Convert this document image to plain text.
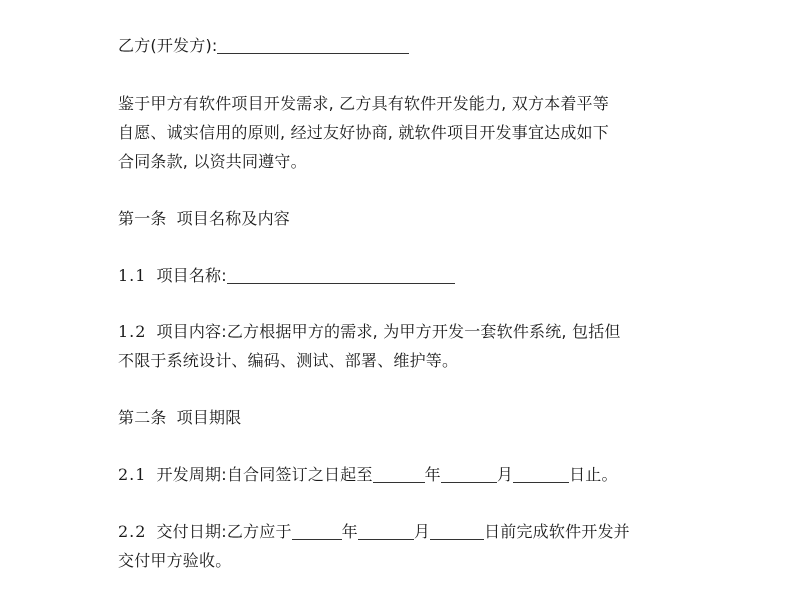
乙方(开发方):
鉴于甲方有软件项目开发需求, 乙方具有软件开发能力, 双方本着平等
自愿、诚实信用的原则, 经过友好协商, 就软件项目开发事宜达成如下
合同条款, 以资共同遵守。
第一条 项目名称及内容
1.1 项目名称:
1.2 项目内容:乙方根据甲方的需求, 为甲方开发一套软件系统, 包括但
不限于系统设计、编码、测试、部署、维护等。
第二条 项目期限
2.1 开发周期:自合同签订之日起至	年	月	日止。
2.2 交付日期:乙方应于	年	月	日前完成软件开发并
交付甲方验收。
